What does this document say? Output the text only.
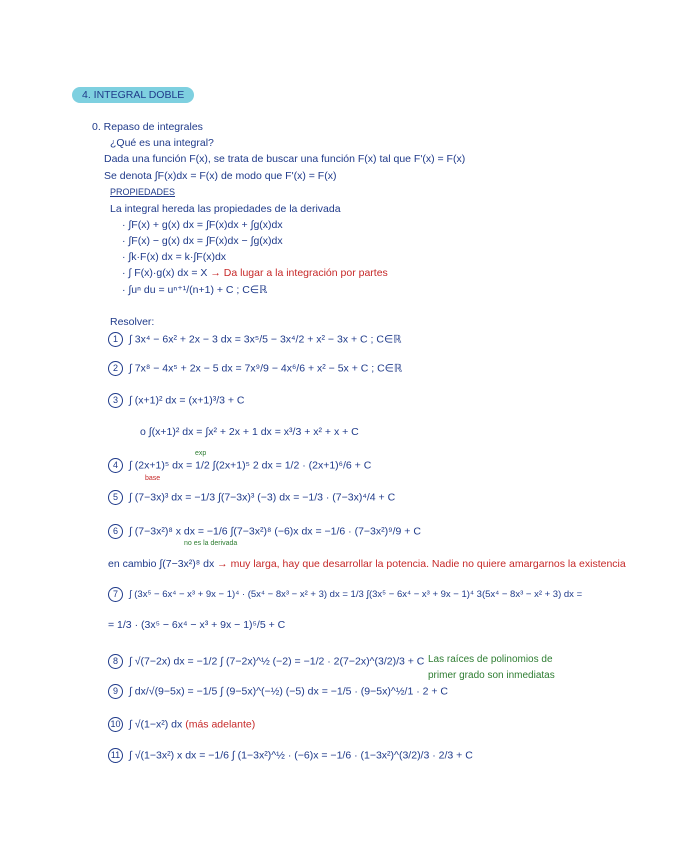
4. INTEGRAL DOBLE
0. Repaso de integrales
¿Qué es una integral?
Dada una función F(x), se trata de buscar una función F(x) tal que F'(x) = F(x)
Se denota ∫F(x)dx = F(x) de modo que F'(x) = F(x)
PROPIEDADES
La integral hereda las propiedades de la derivada
· ∫F(x) + g(x) dx = ∫F(x)dx + ∫g(x)dx
· ∫F(x) − g(x) dx = ∫F(x)dx − ∫g(x)dx
· ∫k·F(x) dx = k·∫F(x)dx
· ∫ F(x)·g(x) dx = X → Da lugar a la integración por partes
· ∫uⁿ du = uⁿ⁺¹/(n+1) + C ; C∈ℝ
Resolver:
1 ∫ 3x⁴ − 6x² + 2x − 3 dx = 3x⁵/5 − 3x⁴/2 + x² − 3x + C ; C∈ℝ
2 ∫ 7x⁸ − 4x⁵ + 2x − 5 dx = 7x⁹/9 − 4x⁶/6 + x² − 5x + C ; C∈ℝ
3 ∫ (x+1)² dx = (x+1)³/3 + C
o ∫(x+1)² dx = ∫x² + 2x + 1 dx = x³/3 + x² + x + C
4 ∫ (2x+1)⁵ dx = 1/2 ∫(2x+1)⁵ 2 dx = 1/2 · (2x+1)⁶/6 + C
exp
base
5 ∫ (7−3x)³ dx = −1/3 ∫(7−3x)³ (−3) dx = −1/3 · (7−3x)⁴/4 + C
6 ∫ (7−3x²)⁸ x dx = −1/6 ∫(7−3x²)⁸ (−6)x dx = −1/6 · (7−3x²)⁹/9 + C
no es la derivada
en cambio ∫(7−3x²)⁸ dx → muy larga, hay que desarrollar la potencia. Nadie no quiere amargarnos la existencia
7 ∫ (3x⁵ − 6x⁴ − x³ + 9x − 1)⁴ · (5x⁴ − 8x³ − x² + 3) dx = 1/3 ∫(3x⁵ − 6x⁴ − x³ + 9x − 1)⁴ 3(5x⁴ − 8x³ − x² + 3) dx =
= 1/3 · (3x⁵ − 6x⁴ − x³ + 9x − 1)⁵/5 + C
8 ∫ √(7−2x) dx = −1/2 ∫ (7−2x)^½ (−2) = −1/2 · 2(7−2x)^(3/2)/3 + C Las raíces de polinomios de
primer grado son inmediatas
9 ∫ dx/√(9−5x) = −1/5 ∫ (9−5x)^(−½) (−5) dx = −1/5 · (9−5x)^½/1 · 2 + C
10 ∫ √(1−x²) dx (más adelante)
11 ∫ √(1−3x²) x dx = −1/6 ∫ (1−3x²)^½ · (−6)x = −1/6 · (1−3x²)^(3/2)/3 · 2/3 + C
